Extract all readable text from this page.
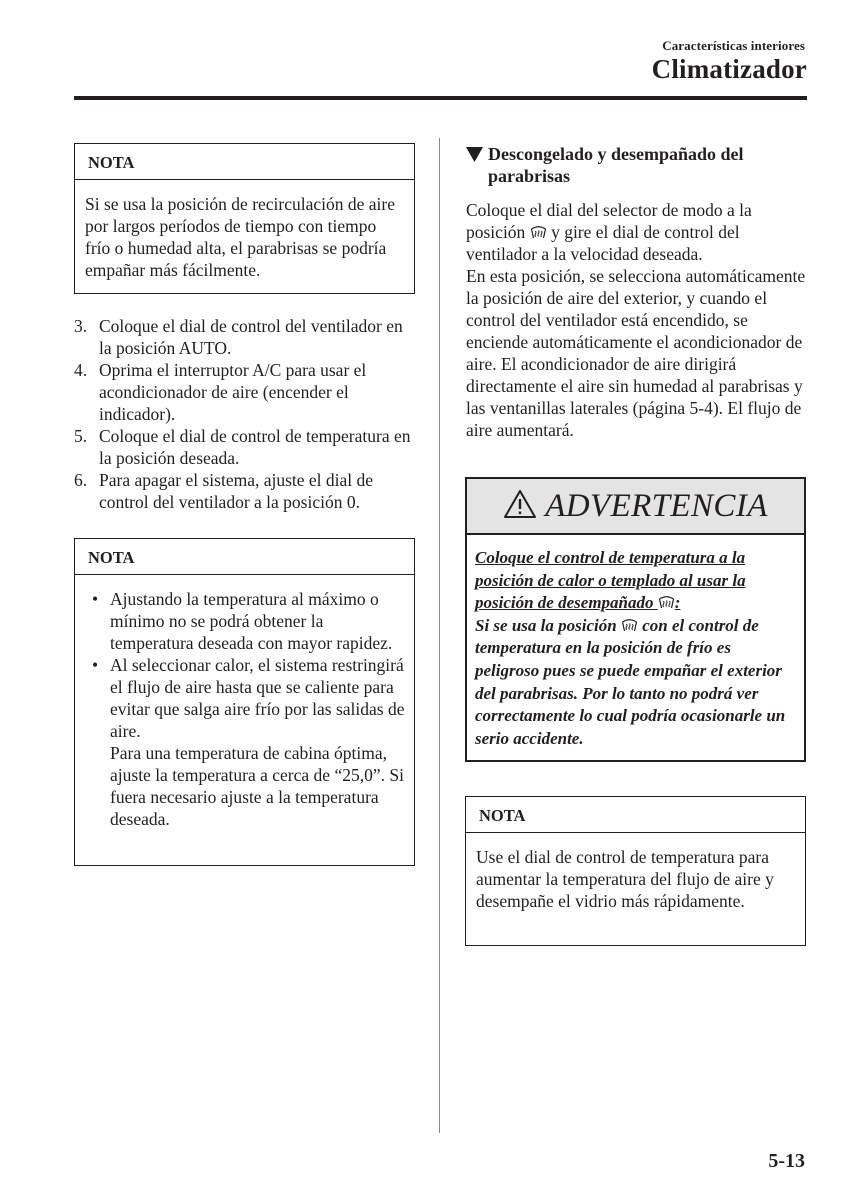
Características interiores
Climatizador
NOTA
Si se usa la posición de recirculación de aire por largos períodos de tiempo con tiempo frío o humedad alta, el parabrisas se podría empañar más fácilmente.
3. Coloque el dial de control del ventilador en la posición AUTO.
4. Oprima el interruptor A/C para usar el acondicionador de aire (encender el indicador).
5. Coloque el dial de control de temperatura en la posición deseada.
6. Para apagar el sistema, ajuste el dial de control del ventilador a la posición 0.
NOTA
• Ajustando la temperatura al máximo o mínimo no se podrá obtener la temperatura deseada con mayor rapidez.
• Al seleccionar calor, el sistema restringirá el flujo de aire hasta que se caliente para evitar que salga aire frío por las salidas de aire.
Para una temperatura de cabina óptima, ajuste la temperatura a cerca de “25,0”. Si fuera necesario ajuste a la temperatura deseada.
Descongelado y desempañado del parabrisas
Coloque el dial del selector de modo a la posición y gire el dial de control del ventilador a la velocidad deseada.
En esta posición, se selecciona automáticamente la posición de aire del exterior, y cuando el control del ventilador está encendido, se enciende automáticamente el acondicionador de aire. El acondicionador de aire dirigirá directamente el aire sin humedad al parabrisas y las ventanillas laterales (página 5-4). El flujo de aire aumentará.
ADVERTENCIA
Coloque el control de temperatura a la posición de calor o templado al usar la posición de desempañado :
Si se usa la posición con el control de temperatura en la posición de frío es peligroso pues se puede empañar el exterior del parabrisas. Por lo tanto no podrá ver correctamente lo cual podría ocasionarle un serio accidente.
NOTA
Use el dial de control de temperatura para aumentar la temperatura del flujo de aire y desempañe el vidrio más rápidamente.
5-13
